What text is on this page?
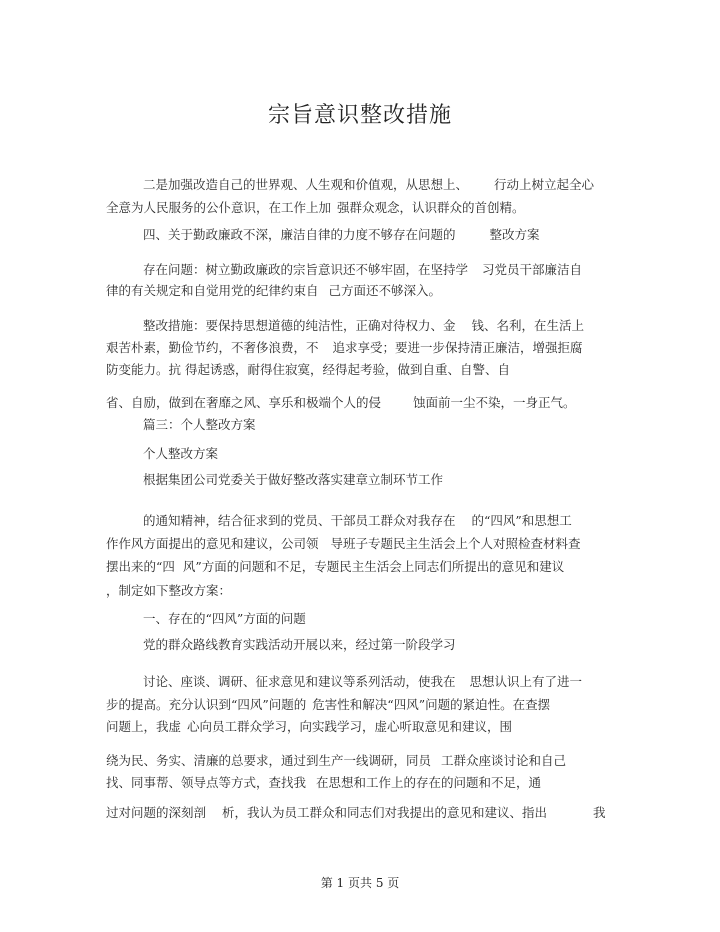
宗旨意识整改措施
二是加强改造自己的世界观、人生观和价值观，从思想上、 行动上树立起全心
全意为人民服务的公仆意识，在工作上加 强群众观念，认识群众的首创精。
四、关于勤政廉政不深，廉洁自律的力度不够存在问题的	整改方案
存在问题：树立勤政廉政的宗旨意识还不够牢固，在坚持学 习党员干部廉洁自
律的有关规定和自觉用党的纪律约束自 己方面还不够深入。
整改措施：要保持思想道德的纯洁性，正确对待权力、金 钱、名利，在生活上
艰苦朴素，勤俭节约，不奢侈浪费，不 追求享受；要进一步保持清正廉洁，增强拒腐
防变能力。抗 得起诱惑，耐得住寂寞，经得起考验，做到自重、自警、自
省、自励，做到在奢靡之风、享乐和极端个人的侵	蚀面前一尘不染，一身正气。
篇三：个人整改方案
个人整改方案
根据集团公司党委关于做好整改落实建章立制环节工作
的通知精神，结合征求到的党员、干部员工群众对我存在 的“四风”和思想工
作作风方面提出的意见和建议，公司领 导班子专题民主生活会上个人对照检查材料查
摆出来的“四 风”方面的问题和不足，专题民主生活会上同志们所提出的意见和建议
，制定如下整改方案：
一、存在的“四风”方面的问题
党的群众路线教育实践活动开展以来，经过第一阶段学习
讨论、座谈、调研、征求意见和建议等系列活动，使我在 思想认识上有了进一
步的提高。充分认识到“四风”问题的 危害性和解决“四风”问题的紧迫性。在查摆
问题上，我虚 心向员工群众学习，向实践学习，虚心听取意见和建议，围
绕为民、务实、清廉的总要求，通过到生产一线调研，同员 工群众座谈讨论和自己
找、同事帮、领导点等方式，查找我 在思想和工作上的存在的问题和不足，通
过对问题的深刻剖 析，我认为员工群众和同志们对我提出的意见和建议、指出	我
第 1 页共 5 页
